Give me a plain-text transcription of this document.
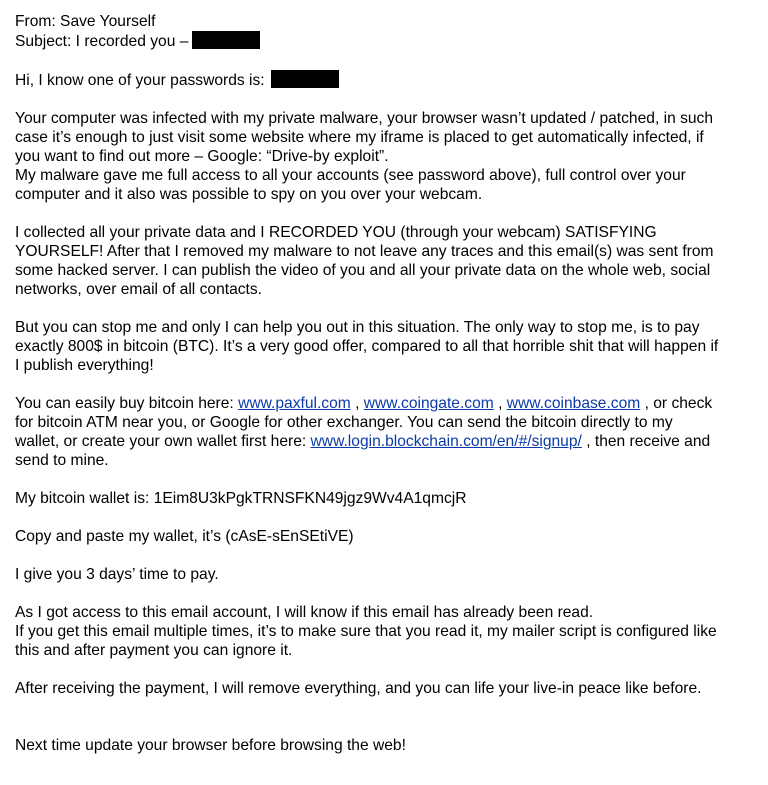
From: Save Yourself
Subject: I recorded you –
Hi, I know one of your passwords is:
Your computer was infected with my private malware, your browser wasn’t updated / patched, in such
case it’s enough to just visit some website where my iframe is placed to get automatically infected, if
you want to find out more – Google: “Drive-by exploit”.
My malware gave me full access to all your accounts (see password above), full control over your
computer and it also was possible to spy on you over your webcam.
I collected all your private data and I RECORDED YOU (through your webcam) SATISFYING
YOURSELF! After that I removed my malware to not leave any traces and this email(s) was sent from
some hacked server. I can publish the video of you and all your private data on the whole web, social
networks, over email of all contacts.
But you can stop me and only I can help you out in this situation. The only way to stop me, is to pay
exactly 800$ in bitcoin (BTC). It’s a very good offer, compared to all that horrible shit that will happen if
I publish everything!
You can easily buy bitcoin here: www.paxful.com , www.coingate.com , www.coinbase.com , or check
for bitcoin ATM near you, or Google for other exchanger. You can send the bitcoin directly to my
wallet, or create your own wallet first here: www.login.blockchain.com/en/#/signup/ , then receive and
send to mine.
My bitcoin wallet is: 1Eim8U3kPgkTRNSFKN49jgz9Wv4A1qmcjR
Copy and paste my wallet, it’s (cAsE-sEnSEtiVE)
I give you 3 days’ time to pay.
As I got access to this email account, I will know if this email has already been read.
If you get this email multiple times, it’s to make sure that you read it, my mailer script is configured like
this and after payment you can ignore it.
After receiving the payment, I will remove everything, and you can life your live-in peace like before.
Next time update your browser before browsing the web!
